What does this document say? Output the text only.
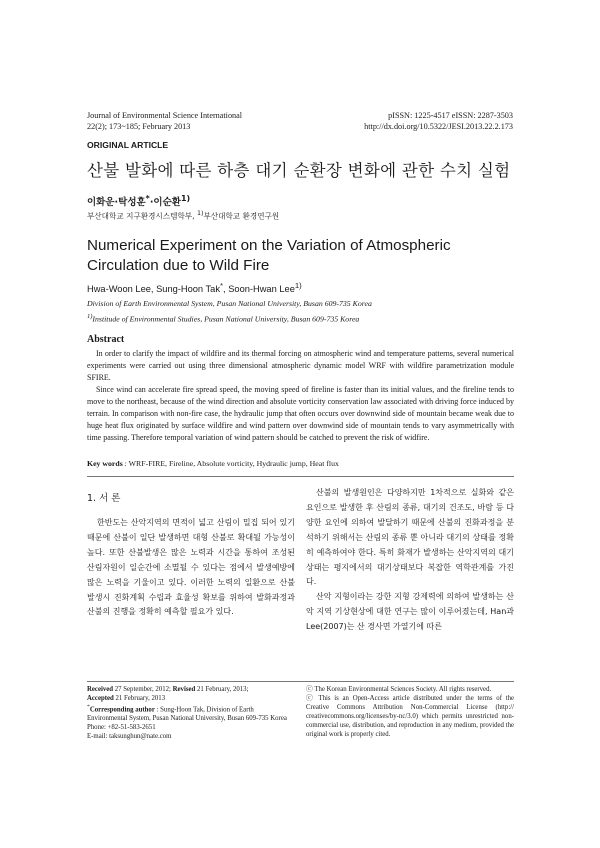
Journal of Environmental Science International
22(2); 173~185; February 2013
pISSN: 1225-4517 eISSN: 2287-3503
http://dx.doi.org/10.5322/JESI.2013.22.2.173
ORIGINAL ARTICLE
산불 발화에 따른 하층 대기 순환장 변화에 관한 수치 실험
이화운·탁성훈*·이순환$^{1)}$
부산대학교 지구환경시스템학부, $^{1)}$부산대학교 환경연구원
Numerical Experiment on the Variation of Atmospheric Circulation due to Wild Fire
Hwa-Woon Lee, Sung-Hoon Tak*, Soon-Hwan Lee$^{1)}$
Division of Earth Environmental System, Pusan National University, Busan 609-735 Korea
$^{1)}$Institude of Environmental Studies, Pusan National University, Busan 609-735 Korea
Abstract

In order to clarify the impact of wildfire and its thermal forcing on atmospheric wind and temperature patterns, several numerical experiments were carried out using three dimensional atmospheric dynamic model WRF with wildfire parametrization module SFIRE.

Since wind can accelerate fire spread speed, the moving speed of fireline is faster than its initial values, and the fireline tends to move to the northeast, because of the wind direction and absolute vorticity conservation law associated with driving force induced by terrain. In comparison with non-fire case, the hydraulic jump that often occurs over downwind side of mountain became weak due to huge heat flux originated by surface wildfire and wind pattern over downwind side of mountain tends to vary asymmetrically with time passing. Therefore temporal variation of wind pattern should be catched to prevent the risk of widfire.

Key words : WRF-FIRE, Fireline, Absolute vorticity, Hydraulic jump, Heat flux
1. 서 론

한반도는 산악지역의 면적이 넓고 산림이 밀집 되어 있기 때문에 산불이 일단 발생하면 대형 산불로 확대될 가능성이 높다. 또한 산불발생은 많은 노력과 시간을 통하여 조성된 산림자원이 일순간에 소멸될 수 있다는 점에서 발생예방에 많은 노력을 기울이고 있다. 이러한 노력의 일환으로 산불 발생시 진화계획 수립과 효율성 확보를 위하여 발화과정과 산불의 진행을 정확히 예측할 필요가 있다.

산불의 발생원인은 다양하지만 1차적으로 실화와 같은 요인으로 발생한 후 산림의 종류, 대기의 건조도, 바람 등 다양한 요인에 의하여 발달하기 때문에 산불의 진화과정을 분석하기 위해서는 산림의 종류 뿐 아니라 대기의 상태를 정확히 예측하여야 한다. 특히 화재가 발생하는 산악지역의 대기 상태는 평지에서의 대기상태보다 복잡한 역학관계를 가진다.

산악 지형이라는 강한 지형 강제력에 의하여 발생하는 산악 지역 기상현상에 대한 연구는 많이 이루어졌는데, Han과 Lee(2007)는 산 경사면 가열기에 따른

Received 27 September, 2012; Revised 21 February, 2013;
Accepted 21 February, 2013
*Corresponding author : Sung-Hoon Tak, Division of Earth Environmental System, Pusan National University, Busan 609-735 Korea
Phone: +82-51-583-2651
E-mail: taksunghun@nate.com
ⓒ The Korean Environmental Sciences Society. All rights reserved.
ⓒ This is an Open-Access article distributed under the terms of the Creative Commons Attribution Non-Commercial License (http:// creativecommons.org/licenses/by-nc/3.0) which permits unrestricted non-commercial use, distribution, and reproduction in any medium, provided the original work is properly cited.
